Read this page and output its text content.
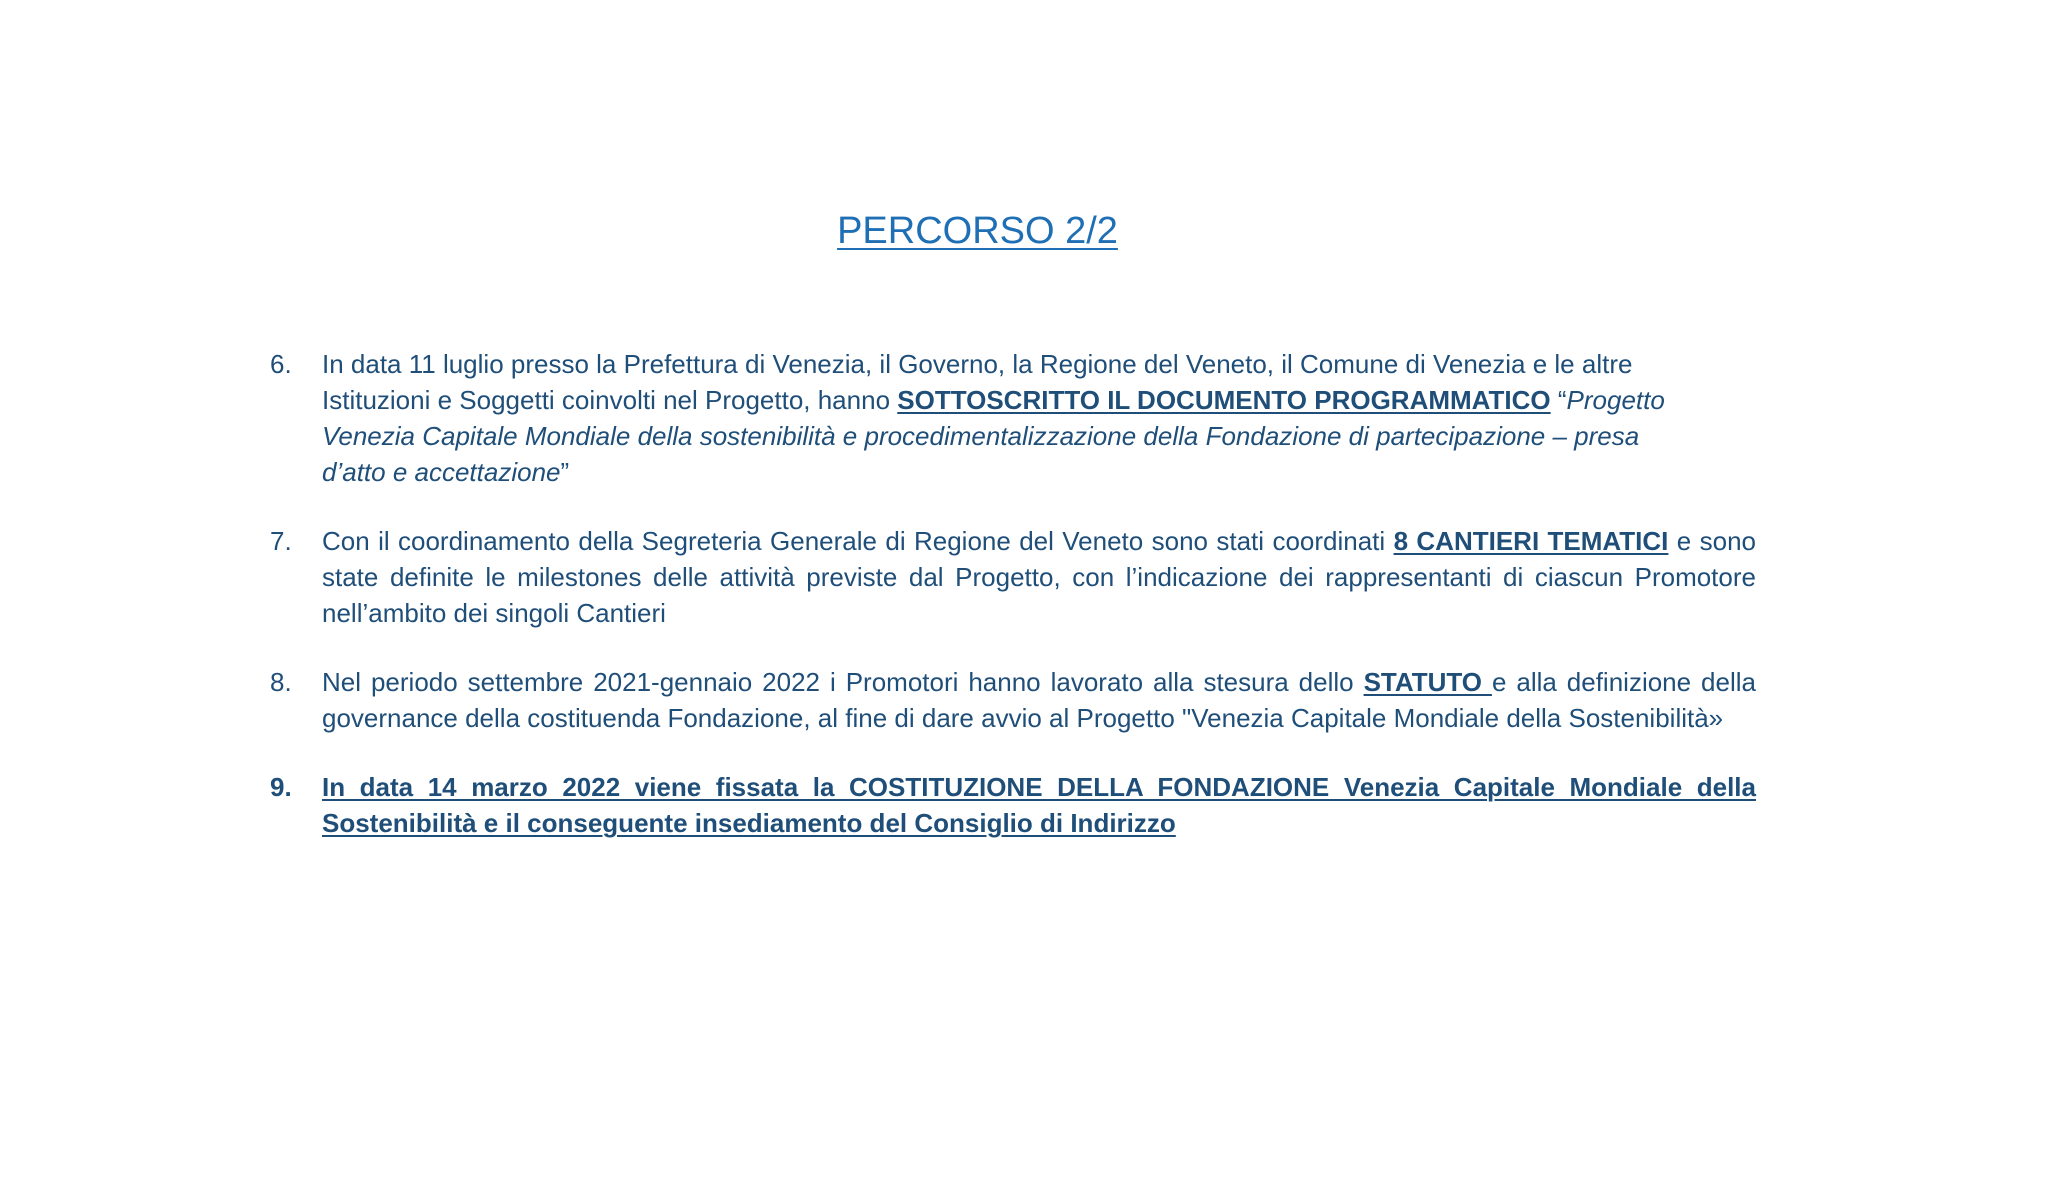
PERCORSO 2/2
6. In data 11 luglio presso la Prefettura di Venezia, il Governo, la Regione del Veneto, il Comune di Venezia e le altre Istituzioni e Soggetti coinvolti nel Progetto, hanno SOTTOSCRITTO IL DOCUMENTO PROGRAMMATICO “Progetto Venezia Capitale Mondiale della sostenibilità e procedimentalizzazione della Fondazione di partecipazione – presa d’atto e accettazione”
7. Con il coordinamento della Segreteria Generale di Regione del Veneto sono stati coordinati 8 CANTIERI TEMATICI e sono state definite le milestones delle attività previste dal Progetto, con l’indicazione dei rappresentanti di ciascun Promotore nell’ambito dei singoli Cantieri
8. Nel periodo settembre 2021-gennaio 2022 i Promotori hanno lavorato alla stesura dello STATUTO e alla definizione della governance della costituenda Fondazione, al fine di dare avvio al Progetto "Venezia Capitale Mondiale della Sostenibilità»
9. In data 14 marzo 2022 viene fissata la COSTITUZIONE DELLA FONDAZIONE Venezia Capitale Mondiale della Sostenibilità e il conseguente insediamento del Consiglio di Indirizzo
